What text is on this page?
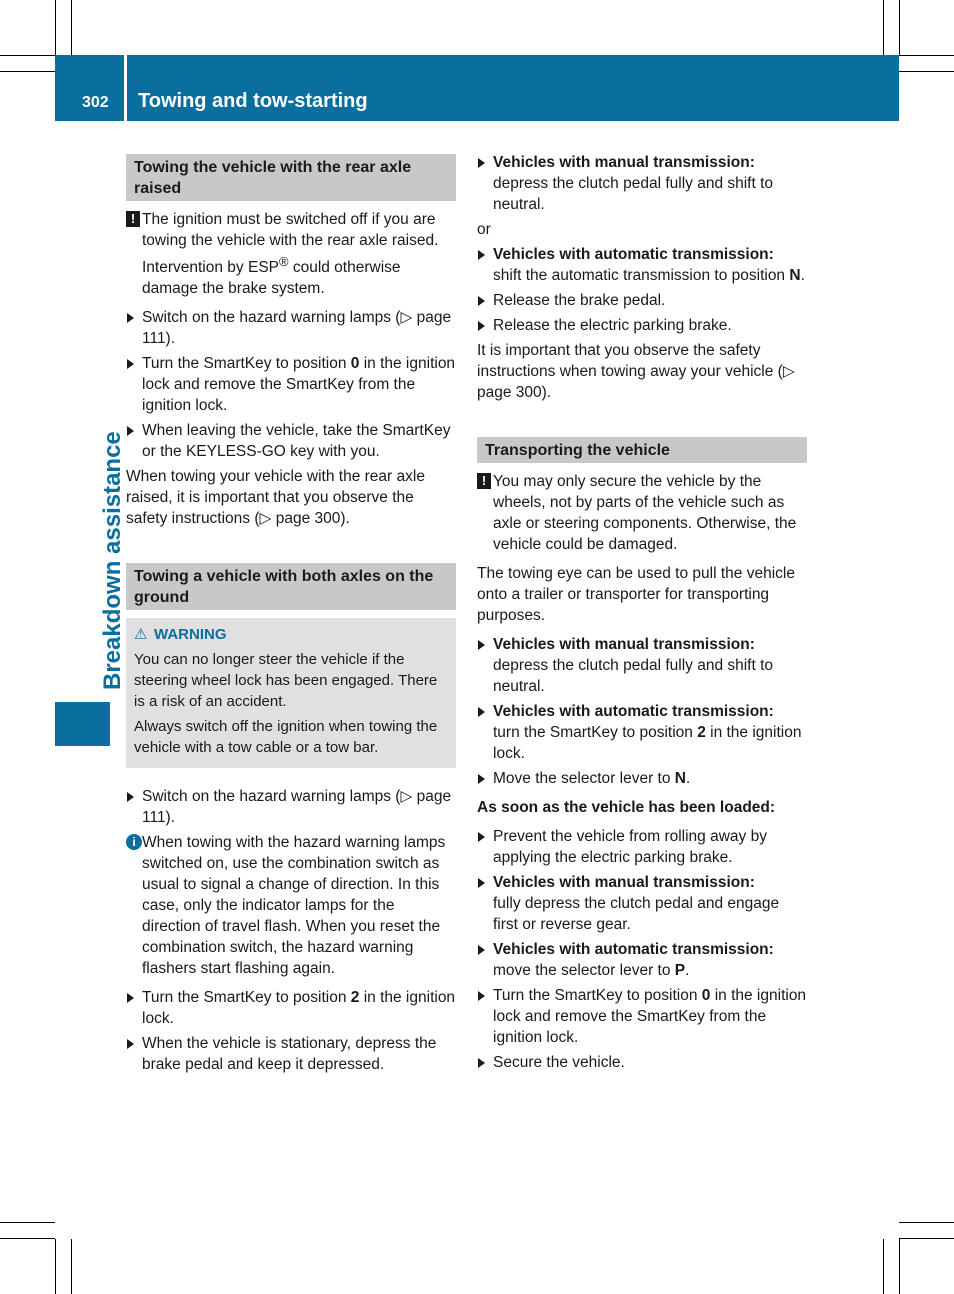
302 Towing and tow-starting
Breakdown assistance
Towing the vehicle with the rear axle raised
! The ignition must be switched off if you are towing the vehicle with the rear axle raised. Intervention by ESP® could otherwise damage the brake system.
Switch on the hazard warning lamps (▷ page 111).
Turn the SmartKey to position 0 in the ignition lock and remove the SmartKey from the ignition lock.
When leaving the vehicle, take the SmartKey or the KEYLESS-GO key with you.

When towing your vehicle with the rear axle raised, it is important that you observe the safety instructions (▷ page 300).

Towing a vehicle with both axles on the ground
⚠ WARNING

You can no longer steer the vehicle if the steering wheel lock has been engaged. There is a risk of an accident.

Always switch off the ignition when towing the vehicle with a tow cable or a tow bar.

Switch on the hazard warning lamps (▷ page 111).
i When towing with the hazard warning lamps switched on, use the combination switch as usual to signal a change of direction. In this case, only the indicator lamps for the direction of travel flash. When you reset the combination switch, the hazard warning flashers start flashing again.
Turn the SmartKey to position 2 in the ignition lock.
When the vehicle is stationary, depress the brake pedal and keep it depressed.
Vehicles with manual transmission:
depress the clutch pedal fully and shift to neutral.

or

Vehicles with automatic transmission:
shift the automatic transmission to position N.
Release the brake pedal.
Release the electric parking brake.

It is important that you observe the safety instructions when towing away your vehicle (▷ page 300).

Transporting the vehicle
! You may only secure the vehicle by the wheels, not by parts of the vehicle such as axle or steering components. Otherwise, the vehicle could be damaged.

The towing eye can be used to pull the vehicle onto a trailer or transporter for transporting purposes.

Vehicles with manual transmission:
depress the clutch pedal fully and shift to neutral.
Vehicles with automatic transmission:
turn the SmartKey to position 2 in the ignition lock.
Move the selector lever to N.

As soon as the vehicle has been loaded:

Prevent the vehicle from rolling away by applying the electric parking brake.
Vehicles with manual transmission:
fully depress the clutch pedal and engage first or reverse gear.
Vehicles with automatic transmission:
move the selector lever to P.
Turn the SmartKey to position 0 in the ignition lock and remove the SmartKey from the ignition lock.
Secure the vehicle.
